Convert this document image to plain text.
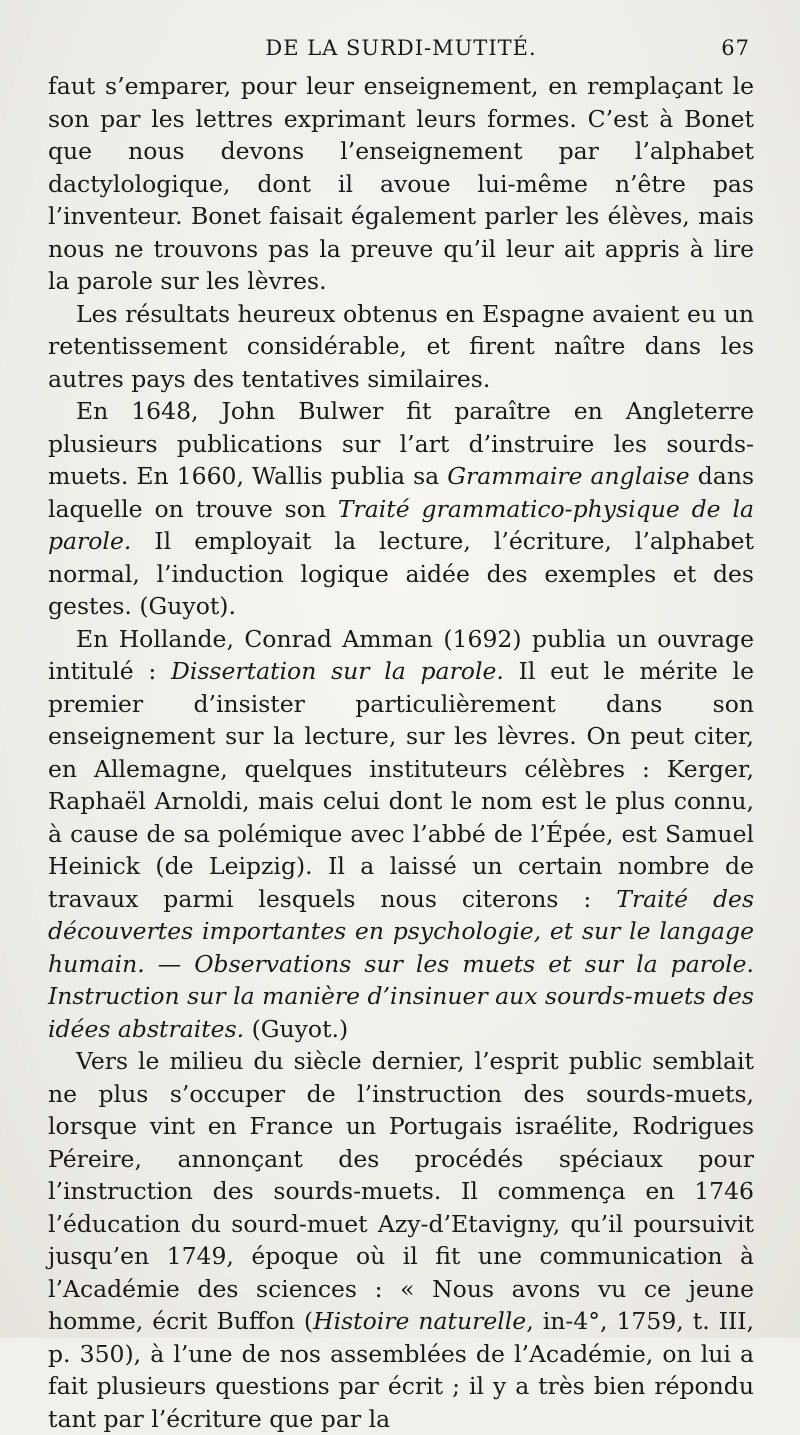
DE LA SURDI-MUTITÉ.	67

faut s’emparer, pour leur enseignement, en remplaçant le son par les lettres exprimant leurs formes. C’est à Bonet que nous devons l’enseignement par l’alphabet dactylologique, dont il avoue lui-même n’être pas l’inventeur. Bonet faisait également parler les élèves, mais nous ne trouvons pas la preuve qu’il leur ait appris à lire la parole sur les lèvres.

Les résultats heureux obtenus en Espagne avaient eu un retentissement considérable, et firent naître dans les autres pays des tentatives similaires.

En 1648, John Bulwer fit paraître en Angleterre plusieurs publications sur l’art d’instruire les sourds-muets. En 1660, Wallis publia sa Grammaire anglaise dans laquelle on trouve son Traité grammatico-physique de la parole. Il employait la lecture, l’écriture, l’alphabet normal, l’induction logique aidée des exemples et des gestes. (Guyot).

En Hollande, Conrad Amman (1692) publia un ouvrage intitulé : Dissertation sur la parole. Il eut le mérite le premier d’insister particulièrement dans son enseignement sur la lecture, sur les lèvres. On peut citer, en Allemagne, quelques instituteurs célèbres : Kerger, Raphaël Arnoldi, mais celui dont le nom est le plus connu, à cause de sa polémique avec l’abbé de l’Épée, est Samuel Heinick (de Leipzig). Il a laissé un certain nombre de travaux parmi lesquels nous citerons : Traité des découvertes importantes en psychologie, et sur le langage humain. — Observations sur les muets et sur la parole. Instruction sur la manière d’insinuer aux sourds-muets des idées abstraites. (Guyot.)

Vers le milieu du siècle dernier, l’esprit public semblait ne plus s’occuper de l’instruction des sourds-muets, lorsque vint en France un Portugais israélite, Rodrigues Péreire, annonçant des procédés spéciaux pour l’instruction des sourds-muets. Il commença en 1746 l’éducation du sourd-muet Azy-d’Etavigny, qu’il poursuivit jusqu’en 1749, époque où il fit une communication à l’Académie des sciences : « Nous avons vu ce jeune homme, écrit Buffon (Histoire naturelle, in-4°, 1759, t. III, p. 350), à l’une de nos assemblées de l’Académie, on lui a fait plusieurs questions par écrit ; il y a très bien répondu tant par l’écriture que par la
